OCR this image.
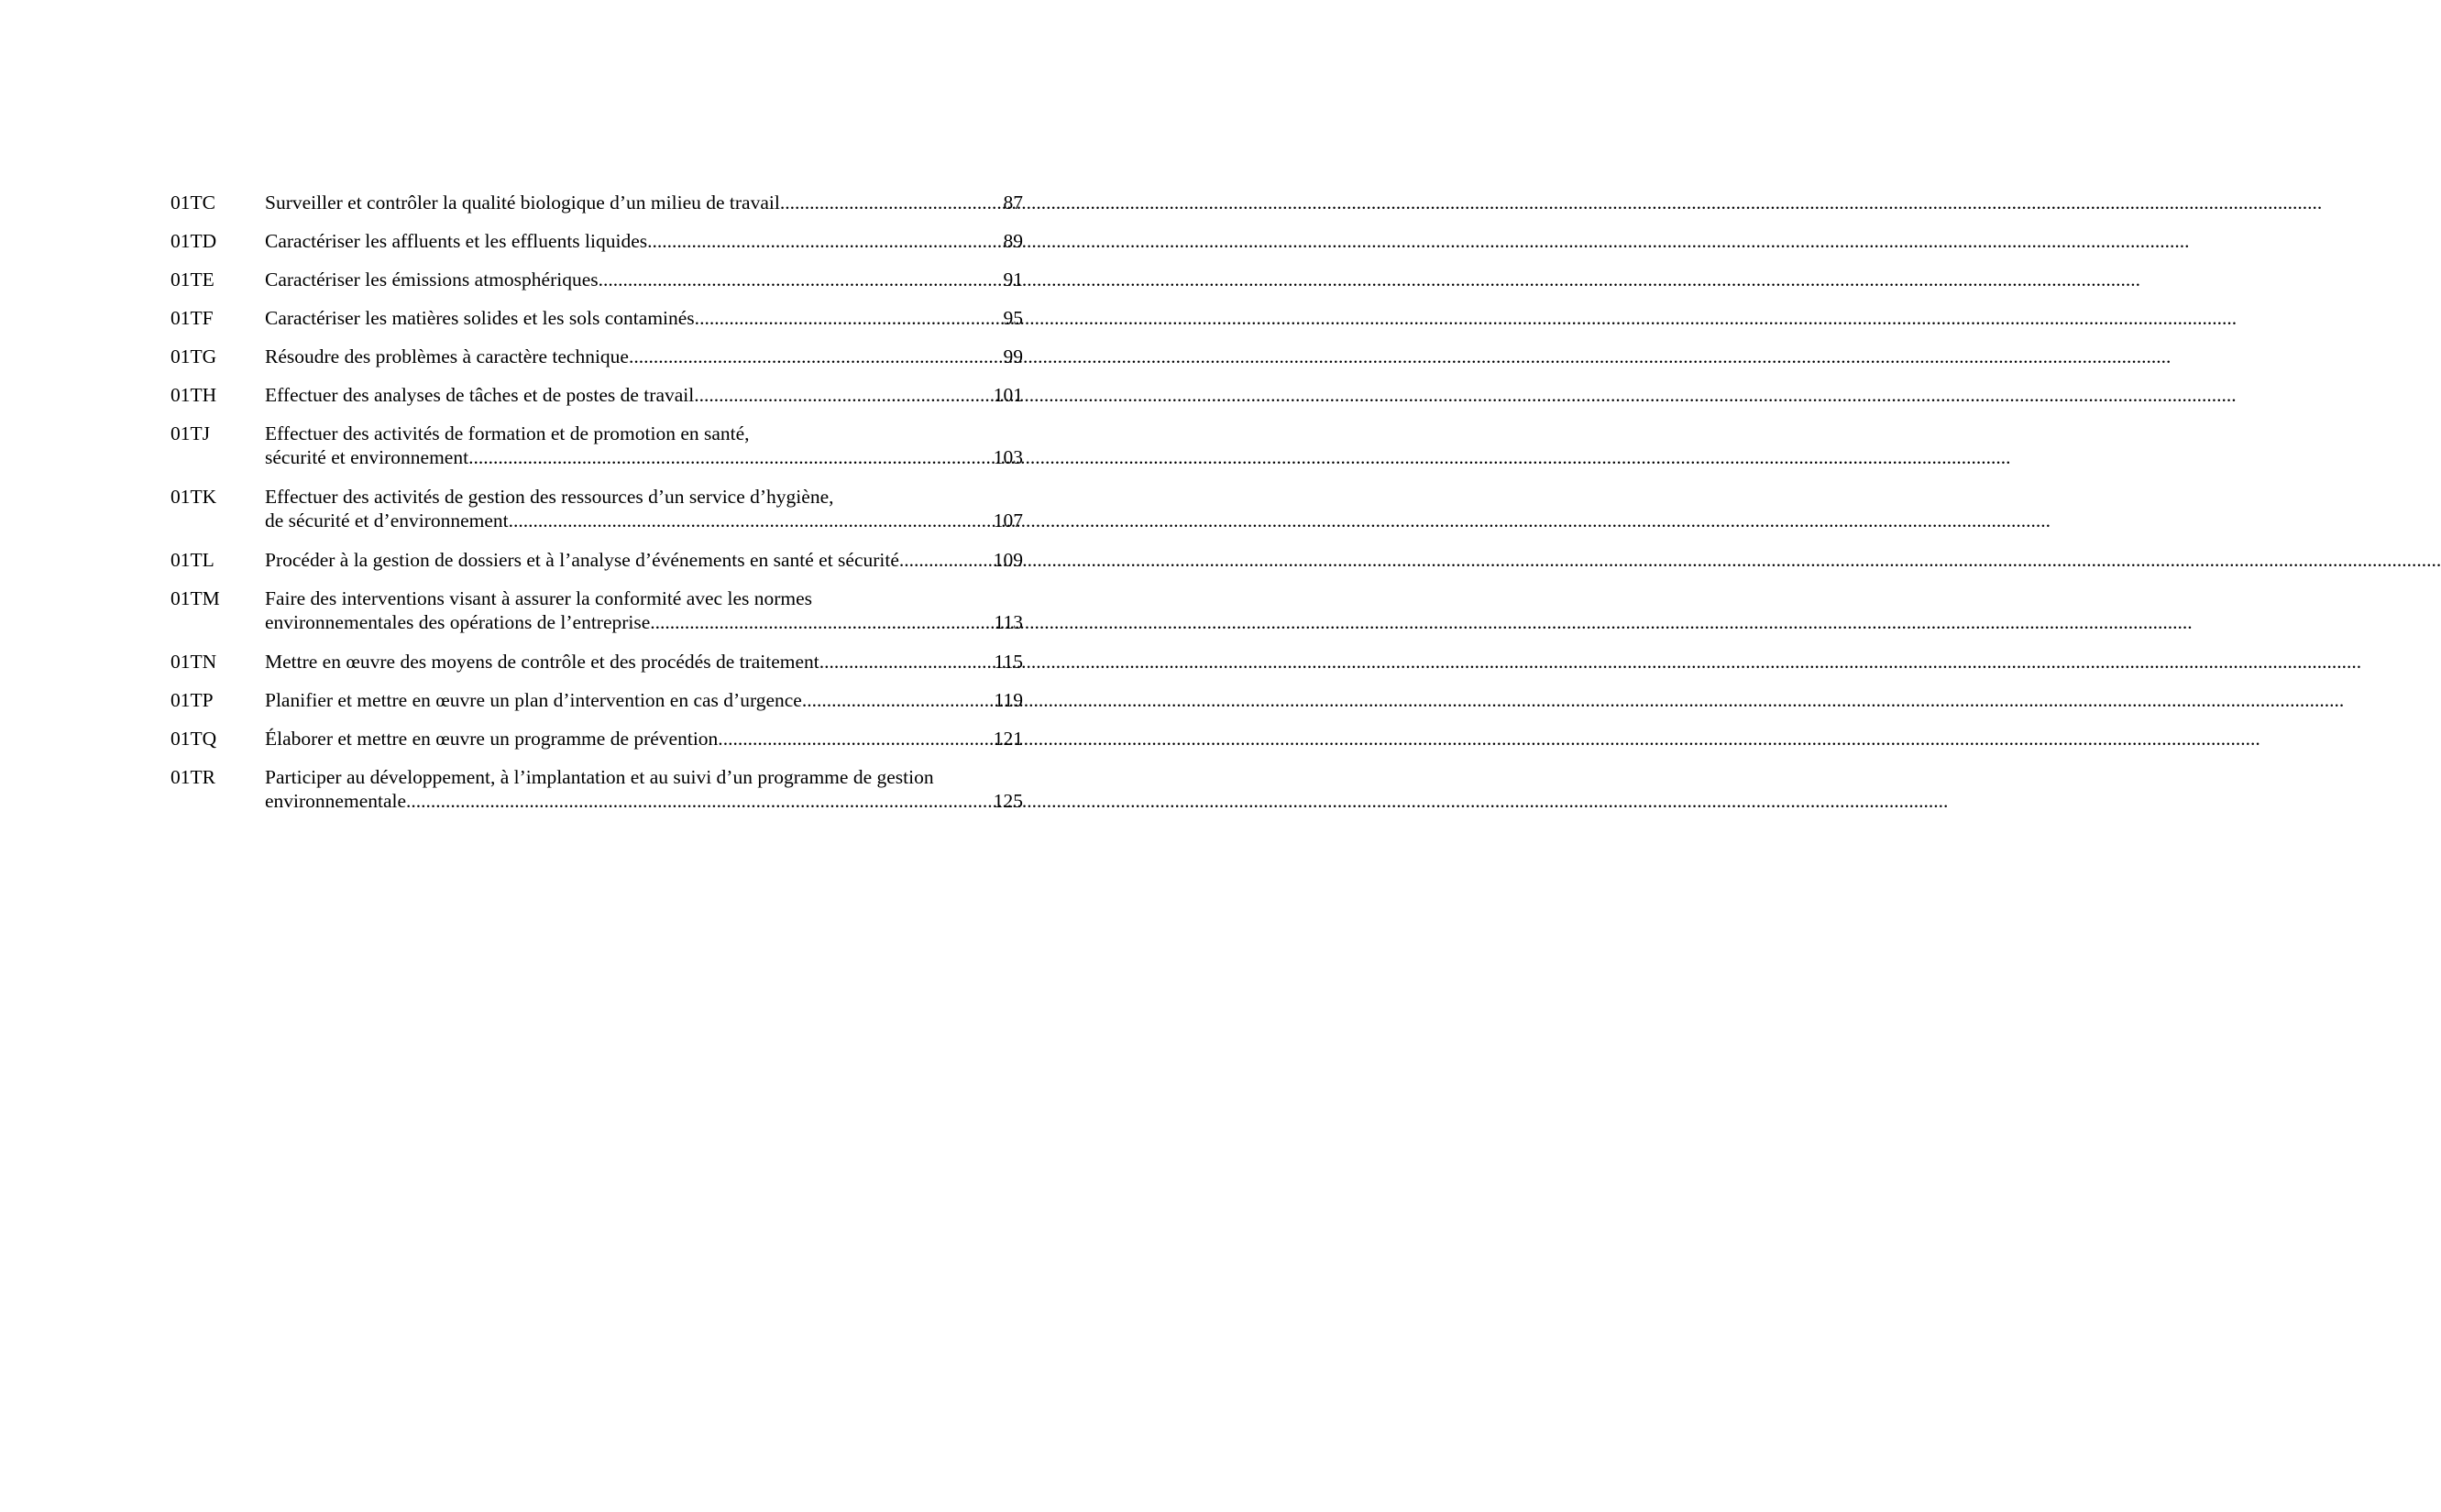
01TC	Surveiller et contrôler la qualité biologique d’un milieu de travail. .....	87
01TD	Caractériser les affluents et les effluents liquides. .....	89
01TE	Caractériser les émissions atmosphériques. .....	91
01TF	Caractériser les matières solides et les sols contaminés. .....	95
01TG	Résoudre des problèmes à caractère technique. .....	99
01TH	Effectuer des analyses de tâches et de postes de travail. .....	101
01TJ	Effectuer des activités de formation et de promotion en santé,
sécurité et environnement. .....	103
01TK	Effectuer des activités de gestion des ressources d’un service d’hygiène,
de sécurité et d’environnement. .....	107
01TL	Procéder à la gestion de dossiers et à l’analyse d’événements en santé et sécurité. .....	109
01TM	Faire des interventions visant à assurer la conformité avec les normes
environnementales des opérations de l’entreprise. .....	113
01TN	Mettre en œuvre des moyens de contrôle et des procédés de traitement. .....	115
01TP	Planifier et mettre en œuvre un plan d’intervention en cas d’urgence. .....	119
01TQ	Élaborer et mettre en œuvre un programme de prévention. .....	121
01TR	Participer au développement, à l’implantation et au suivi d’un programme de gestion
environnementale. .....	125
